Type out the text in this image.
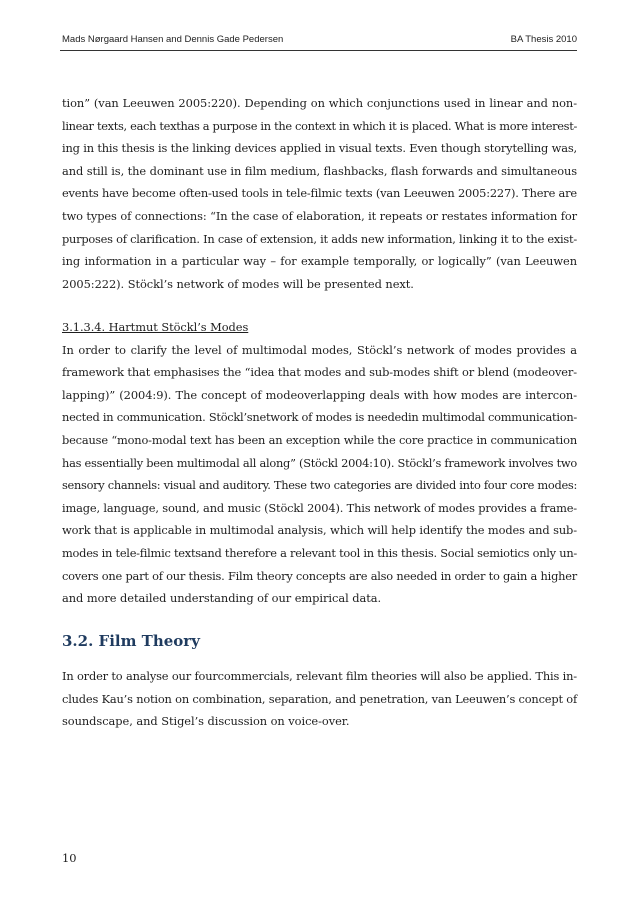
Mads Nørgaard Hansen and Dennis Gade Pedersen	BA Thesis 2010

tion” (van Leeuwen 2005:220). Depending on which conjunctions used in linear and non-
linear texts, each texthas a purpose in the context in which it is placed. What is more interest-
ing in this thesis is the linking devices applied in visual texts. Even though storytelling was,
and still is, the dominant use in film medium, flashbacks, flash forwards and simultaneous
events have become often-used tools in tele-filmic texts (van Leeuwen 2005:227). There are
two types of connections: “In the case of elaboration, it repeats or restates information for
purposes of clarification. In case of extension, it adds new information, linking it to the exist-
ing information in a particular way – for example temporally, or logically” (van Leeuwen
2005:222). Stöckl’s network of modes will be presented next.

3.1.3.4. Hartmut Stöckl’s Modes

In order to clarify the level of multimodal modes, Stöckl’s network of modes provides a
framework that emphasises the “idea that modes and sub-modes shift or blend (modeover-
lapping)” (2004:9). The concept of modeoverlapping deals with how modes are intercon-
nected in communication. Stöckl’snetwork of modes is neededin multimodal communication-
because “mono-modal text has been an exception while the core practice in communication
has essentially been multimodal all along” (Stöckl 2004:10). Stöckl’s framework involves two
sensory channels: visual and auditory. These two categories are divided into four core modes:
image, language, sound, and music (Stöckl 2004). This network of modes provides a frame-
work that is applicable in multimodal analysis, which will help identify the modes and sub-
modes in tele-filmic textsand therefore a relevant tool in this thesis. Social semiotics only un-
covers one part of our thesis. Film theory concepts are also needed in order to gain a higher
and more detailed understanding of our empirical data.

3.2. Film Theory

In order to analyse our fourcommercials, relevant film theories will also be applied. This in-
cludes Kau’s notion on combination, separation, and penetration, van Leeuwen’s concept of
soundscape, and Stigel’s discussion on voice-over.

10
